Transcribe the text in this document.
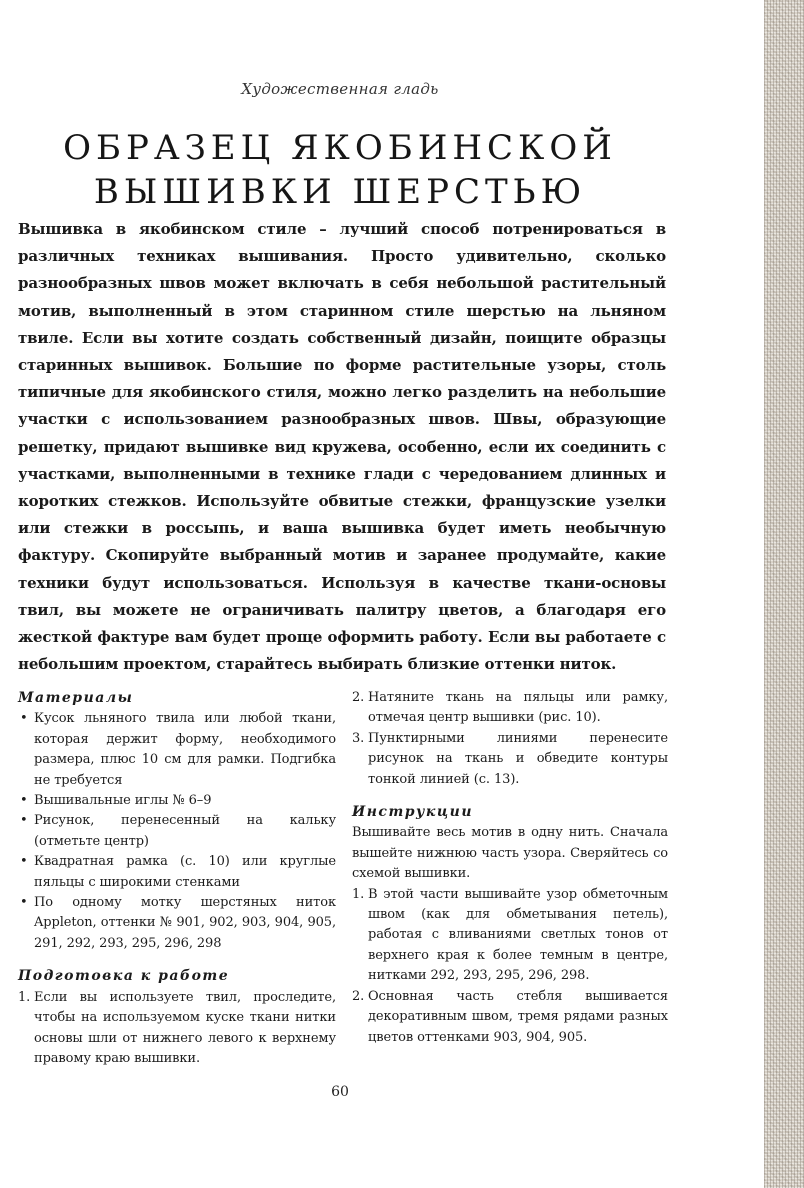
Художественная гладь
ОБРАЗЕЦ ЯКОБИНСКОЙ
ВЫШИВКИ ШЕРСТЬЮ
Вышивка в якобинском стиле – лучший способ потренироваться в различных техниках вышивания. Просто удивительно, сколько разнообразных швов может включать в себя небольшой растительный мотив, выполненный в этом старинном стиле шерстью на льняном твиле. Если вы хотите создать собственный дизайн, поищите образцы старинных вышивок. Большие по форме растительные узоры, столь типичные для якобинского стиля, можно легко разделить на небольшие участки с использованием разнообразных швов. Швы, образующие решетку, придают вышивке вид кружева, особенно, если их соединить с участками, выполненными в технике глади с чередованием длинных и коротких стежков. Используйте обвитые стежки, французские узелки или стежки в россыпь, и ваша вышивка будет иметь необычную фактуру. Скопируйте выбранный мотив и заранее продумайте, какие техники будут использоваться. Используя в качестве ткани-основы твил, вы можете не ограничивать палитру цветов, а благодаря его жесткой фактуре вам будет проще оформить работу. Если вы работаете с небольшим проектом, старайтесь выбирать близкие оттенки ниток.
Материалы
• Кусок льняного твила или любой ткани, которая держит форму, необходимого размера, плюс 10 см для рамки. Подгибка не требуется
• Вышивальные иглы № 6–9
• Рисунок, перенесенный на кальку (отметьте центр)
• Квадратная рамка (с. 10) или круглые пяльцы с широкими стенками
• По одному мотку шерстяных ниток Appleton, оттенки № 901, 902, 903, 904, 905, 291, 292, 293, 295, 296, 298
Подготовка к работе
1. Если вы используете твил, проследите, чтобы на используемом куске ткани нитки основы шли от нижнего левого к верхнему правому краю вышивки.
2. Натяните ткань на пяльцы или рамку, отмечая центр вышивки (рис. 10).
3. Пунктирными линиями перенесите рисунок на ткань и обведите контуры тонкой линией (с. 13).
Инструкции
Вышивайте весь мотив в одну нить. Сначала вышейте нижнюю часть узора. Сверяйтесь со схемой вышивки.
1. В этой части вышивайте узор обметочным швом (как для обметывания петель), работая с вливаниями светлых тонов от верхнего края к более темным в центре, нитками 292, 293, 295, 296, 298.
2. Основная часть стебля вышивается декоративным швом, тремя рядами разных цветов оттенками 903, 904, 905.
60
